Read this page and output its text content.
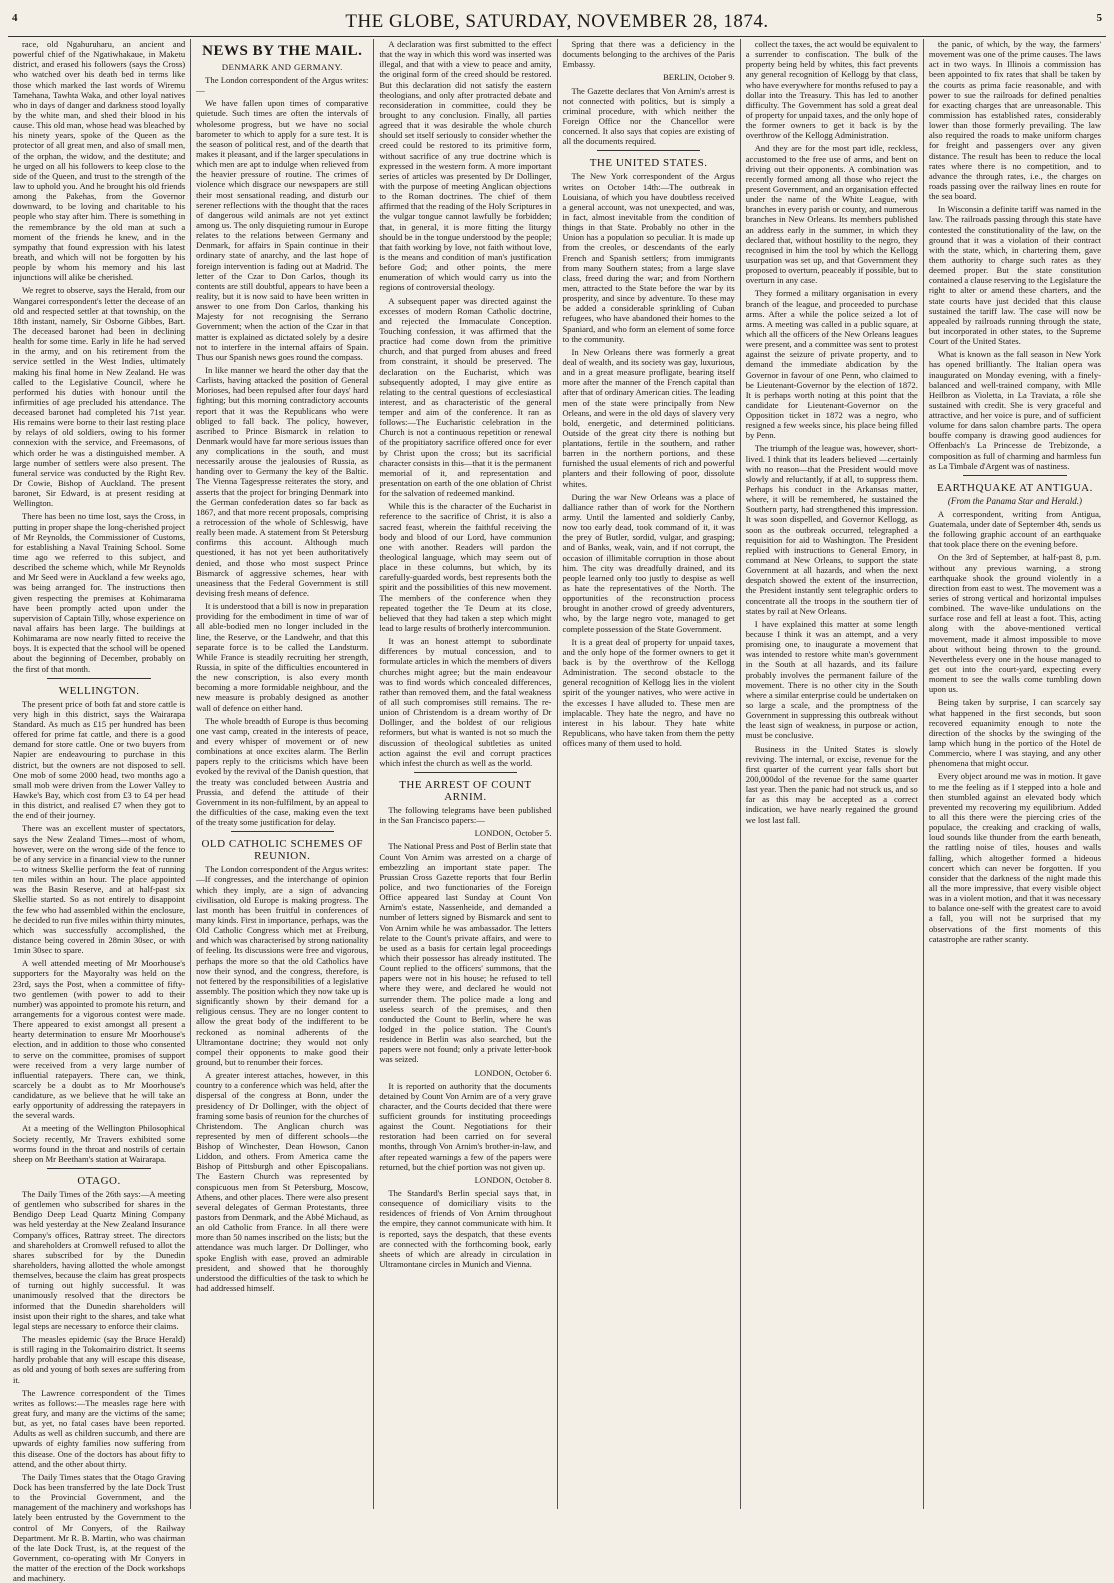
4	THE GLOBE, SATURDAY, NOVEMBER 28, 1874.	5

race, old Ngahuruharu, an ancient and powerful chief of the Ngatiwhakaue, in Maketu district, and erased his followers (says the Cross) who watched over his death bed in terms like those which marked the last words of Wiremu Tamehana, Tawhta Waka, and other loyal natives who in days of danger and darkness stood loyally by the white man, and shed their blood in his cause. This old man, whose head was bleached by his ninety years, spoke of the Queen as the protector of all great men, and also of small men, of the orphan, the widow, and the destitute; and he urged on all his followers to keep close to the side of the Queen, and trust to the strength of the law to uphold you. And he brought his old friends among the Pakehas, from the Governor downward, to be loving and charitable to his people who stay after him. There is something in the remembrance by the old man at such a moment of the friends he knew, and in the sympathy that found expression with his latest breath, and which will not be forgotten by his people by whom his memory and his last injunctions will alike be cherished.

We regret to observe, says the Herald, from our Wangarei correspondent's letter the decease of an old and respected settler at that township, on the 18th instant, namely, Sir Osborne Gibbes, Bart. The deceased baronet had been in declining health for some time. Early in life he had served in the army, and on his retirement from the service settled in the West Indies, ultimately making his final home in New Zealand. He was called to the Legislative Council, where he performed his duties with honour until the infirmities of age precluded his attendance. The deceased baronet had completed his 71st year. His remains were borne to their last resting place by relays of old soldiers, owing to his former connexion with the service, and Freemasons, of which order he was a distinguished member. A large number of settlers were also present. The funeral service was conducted by the Right Rev. Dr Cowie, Bishop of Auckland. The present baronet, Sir Edward, is at present residing at Wellington.

There has been no time lost, says the Cross, in putting in proper shape the long-cherished project of Mr Reynolds, the Commissioner of Customs, for establishing a Naval Training School. Some time ago we referred to this subject, and described the scheme which, while Mr Reynolds and Mr Seed were in Auckland a few weeks ago, was being arranged for. The instructions then given respecting the premises at Kohimarama have been promptly acted upon under the supervision of Captain Tilly, whose experience on naval affairs has been large. The buildings at Kohimarama are now nearly fitted to receive the boys. It is expected that the school will be opened about the beginning of December, probably on the first of that month.

WELLINGTON.

The present price of both fat and store cattle is very high in this district, says the Wairarapa Standard. As much as £15 per hundred has been offered for prime fat cattle, and there is a good demand for store cattle. One or two buyers from Napier are endeavouring to purchase in this district, but the owners are not disposed to sell. One mob of some 2000 head, two months ago a small mob were driven from the Lower Valley to Hawke's Bay, which cost from £3 to £4 per head in this district, and realised £7 when they got to the end of their journey.

There was an excellent muster of spectators, says the New Zealand Times—most of whom, however, were on the wrong side of the fence to be of any service in a financial view to the runner—to witness Skellie perform the feat of running ten miles within an hour. The place appointed was the Basin Reserve, and at half-past six Skellie started. So as not entirely to disappoint the few who had assembled within the enclosure, he decided to run five miles within thirty minutes, which was successfully accomplished, the distance being covered in 28min 30sec, or with 1min 30sec to spare.

A well attended meeting of Mr Moorhouse's supporters for the Mayoralty was held on the 23rd, says the Post, when a committee of fifty-two gentlemen (with power to add to their number) was appointed to promote his return, and arrangements for a vigorous contest were made. There appeared to exist amongst all present a hearty determination to ensure Mr Moorhouse's election, and in addition to those who consented to serve on the committee, promises of support were received from a very large number of influential ratepayers. There can, we think, scarcely be a doubt as to Mr Moorhouse's candidature, as we believe that he will take an early opportunity of addressing the ratepayers in the several wards.

At a meeting of the Wellington Philosophical Society recently, Mr Travers exhibited some worms found in the throat and nostrils of certain sheep on Mr Beetham's station at Wairarapa.

OTAGO.

The Daily Times of the 26th says:—A meeting of gentlemen who subscribed for shares in the Bendigo Deep Lead Quartz Mining Company was held yesterday at the New Zealand Insurance Company's offices, Rattray street. The directors and shareholders at Cromwell refused to allot the shares subscribed for by the Dunedin shareholders, having allotted the whole amongst themselves, because the claim has great prospects of turning out highly successful. It was unanimously resolved that the directors be informed that the Dunedin shareholders will insist upon their right to the shares, and take what legal steps are necessary to enforce their claims.

The measles epidemic (say the Bruce Herald) is still raging in the Tokomairiro district. It seems hardly probable that any will escape this disease, as old and young of both sexes are suffering from it.

The Lawrence correspondent of the Times writes as follows:—The measles rage here with great fury, and many are the victims of the same; but, as yet, no fatal cases have been reported. Adults as well as children succumb, and there are upwards of eighty families now suffering from this disease. One of the doctors has about fifty to attend, and the other about thirty.

The Daily Times states that the Otago Graving Dock has been transferred by the late Dock Trust to the Provincial Government, and the management of the machinery and workshops has lately been entrusted by the Government to the control of Mr Conyers, of the Railway Department. Mr R. B. Martin, who was chairman of the late Dock Trust, is, at the request of the Government, co-operating with Mr Conyers in the matter of the erection of the Dock workshops and machinery.

NEWS BY THE MAIL.
DENMARK AND GERMANY.

The London correspondent of the Argus writes:—

We have fallen upon times of comparative quietude. Such times are often the intervals of wholesome progress, but we have no social barometer to which to apply for a sure test. It is the season of political rest, and of the dearth that makes it pleasant, and if the larger speculations in which men are apt to indulge when relieved from the heavier pressure of routine. The crimes of violence which disgrace our newspapers are still their most sensational reading, and disturb our serener reflections with the thought that the races of dangerous wild animals are not yet extinct among us. The only disquieting rumour in Europe relates to the relations between Germany and Denmark, for affairs in Spain continue in their ordinary state of anarchy, and the last hope of foreign intervention is fading out at Madrid. The letter of the Czar to Don Carlos, though its contents are still doubtful, appears to have been a reality, but it is now said to have been written in answer to one from Don Carlos, thanking his Majesty for not recognising the Serrano Government; when the action of the Czar in that matter is explained as dictated solely by a desire not to interfere in the internal affairs of Spain. Thus our Spanish news goes round the compass.

In like manner we heard the other day that the Carlists, having attacked the position of General Morioses, had been repulsed after four days' hard fighting; but this morning contradictory accounts report that it was the Republicans who were obliged to fall back. The policy, however, ascribed to Prince Bismarck in relation to Denmark would have far more serious issues than any complications in the south, and must necessarily arouse the jealousies of Russia, as handing over to Germany the key of the Baltic. The Vienna Tagespresse reiterates the story, and asserts that the project for bringing Denmark into the German confederation dates so far back as 1867, and that more recent proposals, comprising a retrocession of the whole of Schleswig, have really been made. A statement from St Petersburg confirms this account. Although much questioned, it has not yet been authoritatively denied, and those who most suspect Prince Bismarck of aggressive schemes, hear with uneasiness that the Federal Government is still devising fresh means of defence.

It is understood that a bill is now in preparation providing for the embodiment in time of war of all able-bodied men no longer included in the line, the Reserve, or the Landwehr, and that this separate force is to be called the Landsturm. While France is steadily recruiting her strength, Russia, in spite of the difficulties encountered in the new conscription, is also every month becoming a more formidable neighbour, and the new measure is probably designed as another wall of defence on either hand.

The whole breadth of Europe is thus becoming one vast camp, created in the interests of peace, and every whisper of movement or of new combinations at once excites alarm. The Berlin papers reply to the criticisms which have been evoked by the revival of the Danish question, that the treaty was concluded between Austria and Prussia, and defend the attitude of their Government in its non-fulfilment, by an appeal to the difficulties of the case, making even the text of the treaty some justification for delay.

OLD CATHOLIC SCHEMES OF REUNION.

The London correspondent of the Argus writes:—If congresses, and the interchange of opinion which they imply, are a sign of advancing civilisation, old Europe is making progress. The last month has been fruitful in conferences of many kinds. First in importance, perhaps, was the Old Catholic Congress which met at Freiburg, and which was characterised by strong nationality of feeling. Its discussions were free and vigorous, perhaps the more so that the old Catholics have now their synod, and the congress, therefore, is not fettered by the responsibilities of a legislative assembly. The position which they now take up is significantly shown by their demand for a religious census. They are no longer content to allow the great body of the indifferent to be reckoned as nominal adherents of the Ultramontane doctrine; they would not only compel their opponents to make good their ground, but to renumber their forces.

A greater interest attaches, however, in this country to a conference which was held, after the dispersal of the congress at Bonn, under the presidency of Dr Dollinger, with the object of framing some basis of reunion for the churches of Christendom. The Anglican church was represented by men of different schools—the Bishop of Winchester, Dean Howson, Canon Liddon, and others. From America came the Bishop of Pittsburgh and other Episcopalians. The Eastern Church was represented by conspicuous men from St Petersburg, Moscow, Athens, and other places. There were also present several delegates of German Protestants, three pastors from Denmark, and the Abbé Michaud, as an old Catholic from France. In all there were more than 50 names inscribed on the lists; but the attendance was much larger. Dr Dollinger, who spoke English with ease, proved an admirable president, and showed that he thoroughly understood the difficulties of the task to which he had addressed himself.

A declaration was first submitted to the effect that the way in which this word was inserted was illegal, and that with a view to peace and amity, the original form of the creed should be restored. But this declaration did not satisfy the eastern theologians, and only after protracted debate and reconsideration in committee, could they be brought to any conclusion. Finally, all parties agreed that it was desirable the whole church should set itself seriously to consider whether the creed could be restored to its primitive form, without sacrifice of any true doctrine which is expressed in the western form. A more important series of articles was presented by Dr Dollinger, with the purpose of meeting Anglican objections to the Roman doctrines. The chief of them affirmed that the reading of the Holy Scriptures in the vulgar tongue cannot lawfully be forbidden; that, in general, it is more fitting the liturgy should be in the tongue understood by the people; that faith working by love, not faith without love, is the means and condition of man's justification before God; and other points, the mere enumeration of which would carry us into the regions of controversial theology.

A subsequent paper was directed against the excesses of modern Roman Catholic doctrine, and rejected the Immaculate Conception. Touching confession, it was affirmed that the practice had come down from the primitive church, and that purged from abuses and freed from constraint, it should be preserved. The declaration on the Eucharist, which was subsequently adopted, I may give entire as relating to the central questions of ecclesiastical interest, and as characteristic of the general temper and aim of the conference. It ran as follows:—The Eucharistic celebration in the Church is not a continuous repetition or renewal of the propitiatory sacrifice offered once for ever by Christ upon the cross; but its sacrificial character consists in this—that it is the permanent memorial of it, and representation and presentation on earth of the one oblation of Christ for the salvation of redeemed mankind.

While this is the character of the Eucharist in reference to the sacrifice of Christ, it is also a sacred feast, wherein the faithful receiving the body and blood of our Lord, have communion one with another. Readers will pardon the theological language, which may seem out of place in these columns, but which, by its carefully-guarded words, best represents both the spirit and the possibilities of this new movement. The members of the conference when they repeated together the Te Deum at its close, believed that they had taken a step which might lead to large results of brotherly intercommunion.

It was an honest attempt to subordinate differences by mutual concession, and to formulate articles in which the members of divers churches might agree; but the main endeavour was to find words which concealed differences, rather than removed them, and the fatal weakness of all such compromises still remains. The re-union of Christendom is a dream worthy of Dr Dollinger, and the boldest of our religious reformers, but what is wanted is not so much the discussion of theological subtleties as united action against the evil and corrupt practices which infest the church as well as the world.

THE ARREST OF COUNT ARNIM.

The following telegrams have been published in the San Francisco papers:—

LONDON, October 5.

The National Press and Post of Berlin state that Count Von Arnim was arrested on a charge of embezzling an important state paper. The Prussian Cross Gazette reports that four Berlin police, and two functionaries of the Foreign Office appeared last Sunday at Count Von Arnim's estate, Nassenheide, and demanded a number of letters signed by Bismarck and sent to Von Arnim while he was ambassador. The letters relate to the Count's private affairs, and were to be used as a basis for certain legal proceedings which their possessor has already instituted. The Count replied to the officers' summons, that the papers were not in his house; he refused to tell where they were, and declared he would not surrender them. The police made a long and useless search of the premises, and then conducted the Count to Berlin, where he was lodged in the police station. The Count's residence in Berlin was also searched, but the papers were not found; only a private letter-book was seized.

LONDON, October 6.

It is reported on authority that the documents detained by Count Von Arnim are of a very grave character, and the Courts decided that there were sufficient grounds for instituting proceedings against the Count. Negotiations for their restoration had been carried on for several months, through Von Arnim's brother-in-law, and after repeated warnings a few of the papers were returned, but the chief portion was not given up.

LONDON, October 8.

The Standard's Berlin special says that, in consequence of domiciliary visits to the residences of friends of Von Arnim throughout the empire, they cannot communicate with him. It is reported, says the despatch, that these events are connected with the forthcoming book, early sheets of which are already in circulation in Ultramontane circles in Munich and Vienna.

Spring that there was a deficiency in the documents belonging to the archives of the Paris Embassy.

BERLIN, October 9.

The Gazette declares that Von Arnim's arrest is not connected with politics, but is simply a criminal procedure, with which neither the Foreign Office nor the Chancellor were concerned. It also says that copies are existing of all the documents required.

THE UNITED STATES.

The New York correspondent of the Argus writes on October 14th:—The outbreak in Louisiana, of which you have doubtless received a general account, was not unexpected, and was, in fact, almost inevitable from the condition of things in that State. Probably no other in the Union has a population so peculiar. It is made up from the creoles, or descendants of the early French and Spanish settlers; from immigrants from many Southern states; from a large slave class, freed during the war; and from Northern men, attracted to the State before the war by its prosperity, and since by adventure. To these may be added a considerable sprinkling of Cuban refugees, who have abandoned their homes to the Spaniard, and who form an element of some force to the community.

In New Orleans there was formerly a great deal of wealth, and its society was gay, luxurious, and in a great measure profligate, bearing itself more after the manner of the French capital than after that of ordinary American cities. The leading men of the state were principally from New Orleans, and were in the old days of slavery very bold, energetic, and determined politicians. Outside of the great city there is nothing but plantations, fertile in the southern, and rather barren in the northern portions, and these furnished the usual elements of rich and powerful planters and their following of poor, dissolute whites.

During the war New Orleans was a place of dalliance rather than of work for the Northern army. Until the lamented and soldierly Canby, now too early dead, took command of it, it was the prey of Butler, sordid, vulgar, and grasping; and of Banks, weak, vain, and if not corrupt, the occasion of illimitable corruption in those about him. The city was dreadfully drained, and its people learned only too justly to despise as well as hate the representatives of the North. The opportunities of the reconstruction process brought in another crowd of greedy adventurers, who, by the large negro vote, managed to get complete possession of the State Government.

It is a great deal of property for unpaid taxes, and the only hope of the former owners to get it back is by the overthrow of the Kellogg Administration. The second obstacle to the general recognition of Kellogg lies in the violent spirit of the younger natives, who were active in the excesses I have alluded to. These men are implacable. They hate the negro, and have no interest in his labour. They hate white Republicans, who have taken from them the petty offices many of them used to hold.

collect the taxes, the act would be equivalent to a surrender to confiscation. The bulk of the property being held by whites, this fact prevents any general recognition of Kellogg by that class, who have everywhere for months refused to pay a dollar into the Treasury. This has led to another difficulty. The Government has sold a great deal of property for unpaid taxes, and the only hope of the former owners to get it back is by the overthrow of the Kellogg Administration.

And they are for the most part idle, reckless, accustomed to the free use of arms, and bent on driving out their opponents. A combination was recently formed among all those who reject the present Government, and an organisation effected under the name of the White League, with branches in every parish or county, and numerous branches in New Orleans. Its members published an address early in the summer, in which they declared that, without hostility to the negro, they recognised in him the tool by which the Kellogg usurpation was set up, and that Government they proposed to overturn, peaceably if possible, but to overturn in any case.

They formed a military organisation in every branch of the league, and proceeded to purchase arms. After a while the police seized a lot of arms. A meeting was called in a public square, at which all the officers of the New Orleans leagues were present, and a committee was sent to protest against the seizure of private property, and to demand the immediate abdication by the Governor in favour of one Penn, who claimed to be Lieutenant-Governor by the election of 1872. It is perhaps worth noting at this point that the candidate for Lieutenant-Governor on the Opposition ticket in 1872 was a negro, who resigned a few weeks since, his place being filled by Penn.

The triumph of the league was, however, short-lived. I think that its leaders believed —certainly with no reason—that the President would move slowly and reluctantly, if at all, to suppress them. Perhaps his conduct in the Arkansas matter, where, it will be remembered, he sustained the Southern party, had strengthened this impression. It was soon dispelled, and Governor Kellogg, as soon as the outbreak occurred, telegraphed a requisition for aid to Washington. The President replied with instructions to General Emory, in command at New Orleans, to support the state Government at all hazards, and when the next despatch showed the extent of the insurrection, the President instantly sent telegraphic orders to concentrate all the troops in the southern tier of states by rail at New Orleans.

I have explained this matter at some length because I think it was an attempt, and a very promising one, to inaugurate a movement that was intended to restore white man's government in the South at all hazards, and its failure probably involves the permanent failure of the movement. There is no other city in the South where a similar enterprise could be undertaken on so large a scale, and the promptness of the Government in suppressing this outbreak without the least sign of weakness, in purpose or action, must be conclusive.

Business in the United States is slowly reviving. The internal, or excise, revenue for the first quarter of the current year falls short but 200,000dol of the revenue for the same quarter last year. Then the panic had not struck us, and so far as this may be accepted as a correct indication, we have nearly regained the ground we lost last fall.

the panic, of which, by the way, the farmers' movement was one of the prime causes. The laws act in two ways. In Illinois a commission has been appointed to fix rates that shall be taken by the courts as prima facie reasonable, and with power to sue the railroads for defined penalties for exacting charges that are unreasonable. This commission has established rates, considerably lower than those formerly prevailing. The law also required the roads to make uniform charges for freight and passengers over any given distance. The result has been to reduce the local rates where there is no competition, and to advance the through rates, i.e., the charges on roads passing over the railway lines en route for the sea board.

In Wisconsin a definite tariff was named in the law. The railroads passing through this state have contested the constitutionality of the law, on the ground that it was a violation of their contract with the state, which, in chartering them, gave them authority to charge such rates as they deemed proper. But the state constitution contained a clause reserving to the Legislature the right to alter or amend these charters, and the state courts have just decided that this clause sustained the tariff law. The case will now be appealed by railroads running through the state, but incorporated in other states, to the Supreme Court of the United States.

What is known as the fall season in New York has opened brilliantly. The Italian opera was inaugurated on Monday evening, with a finely-balanced and well-trained company, with Mlle Heilbron as Violetta, in La Traviata, a rôle she sustained with credit. She is very graceful and attractive, and her voice is pure, and of sufficient volume for dans salon chambre parts. The opera bouffe company is drawing good audiences for Offenbach's La Princesse de Trebizonde, a composition as full of charming and harmless fun as La Timbale d'Argent was of nastiness.

EARTHQUAKE AT ANTIGUA.
(From the Panama Star and Herald.)

A correspondent, writing from Antigua, Guatemala, under date of September 4th, sends us the following graphic account of an earthquake that took place there on the evening before.

On the 3rd of September, at half-past 8, p.m. without any previous warning, a strong earthquake shook the ground violently in a direction from east to west. The movement was a series of strong vertical and horizontal impulses combined. The wave-like undulations on the surface rose and fell at least a foot. This, acting along with the above-mentioned vertical movement, made it almost impossible to move about without being thrown to the ground. Nevertheless every one in the house managed to get out into the court-yard, expecting every moment to see the walls come tumbling down upon us.

Being taken by surprise, I can scarcely say what happened in the first seconds, but soon recovered equanimity enough to note the direction of the shocks by the swinging of the lamp which hung in the portico of the Hotel de Commercio, where I was staying, and any other phenomena that might occur.

Every object around me was in motion. It gave to me the feeling as if I stepped into a hole and then stumbled against an elevated body which prevented my recovering my equilibrium. Added to all this there were the piercing cries of the populace, the creaking and cracking of walls, loud sounds like thunder from the earth beneath, the rattling noise of tiles, houses and walls falling, which altogether formed a hideous concert which can never be forgotten. If you consider that the darkness of the night made this all the more impressive, that every visible object was in a violent motion, and that it was necessary to balance one-self with the greatest care to avoid a fall, you will not be surprised that my observations of the first moments of this catastrophe are rather scanty.
